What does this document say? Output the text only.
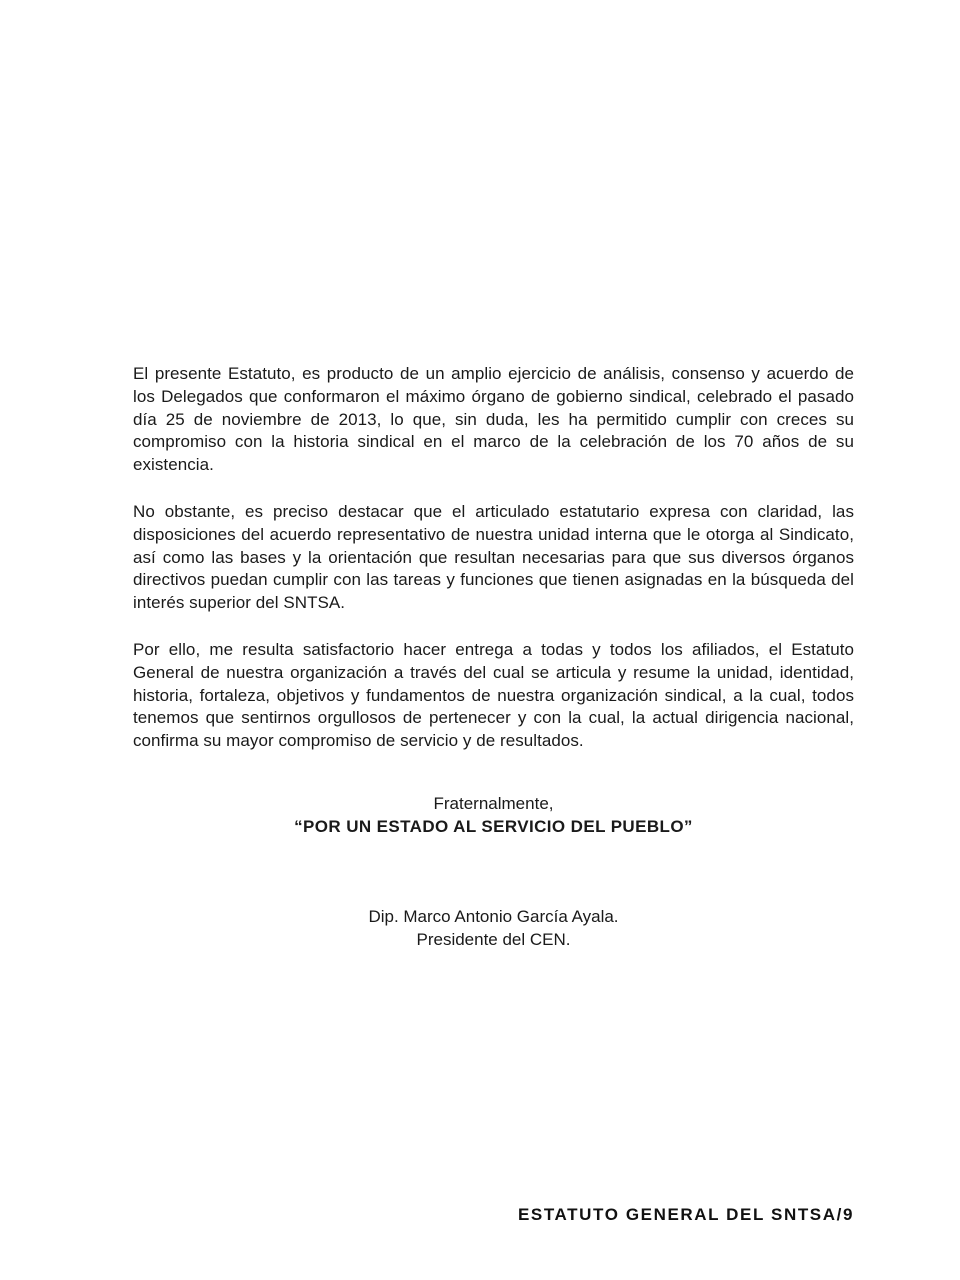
El presente Estatuto, es producto de un amplio ejercicio de análisis, consenso y acuerdo de los Delegados que conformaron el máximo órgano de gobierno sindical, celebrado el pasado día 25 de noviembre de 2013, lo que, sin duda, les ha permitido cumplir con creces su compromiso con la historia sindical en el marco de la celebración de los 70 años de su existencia.

No obstante, es preciso destacar que el articulado estatutario expresa con claridad, las disposiciones del acuerdo representativo de nuestra unidad interna que le otorga al Sindicato, así como las bases y la orientación que resultan necesarias para que sus diversos órganos directivos puedan cumplir con las tareas y funciones que tienen asignadas en la búsqueda del interés superior del SNTSA.

Por ello, me resulta satisfactorio hacer entrega a todas y todos los afiliados, el Estatuto General de nuestra organización a través del cual se articula y resume la unidad, identidad, historia, fortaleza, objetivos y fundamentos de nuestra organización sindical, a la cual, todos tenemos que sentirnos orgullosos de pertenecer y con la cual, la actual dirigencia nacional, confirma su mayor compromiso de servicio y de resultados.

Fraternalmente,
“POR UN ESTADO AL SERVICIO DEL PUEBLO”
Dip. Marco Antonio García Ayala.
Presidente del CEN.
ESTATUTO GENERAL DEL SNTSA/9
